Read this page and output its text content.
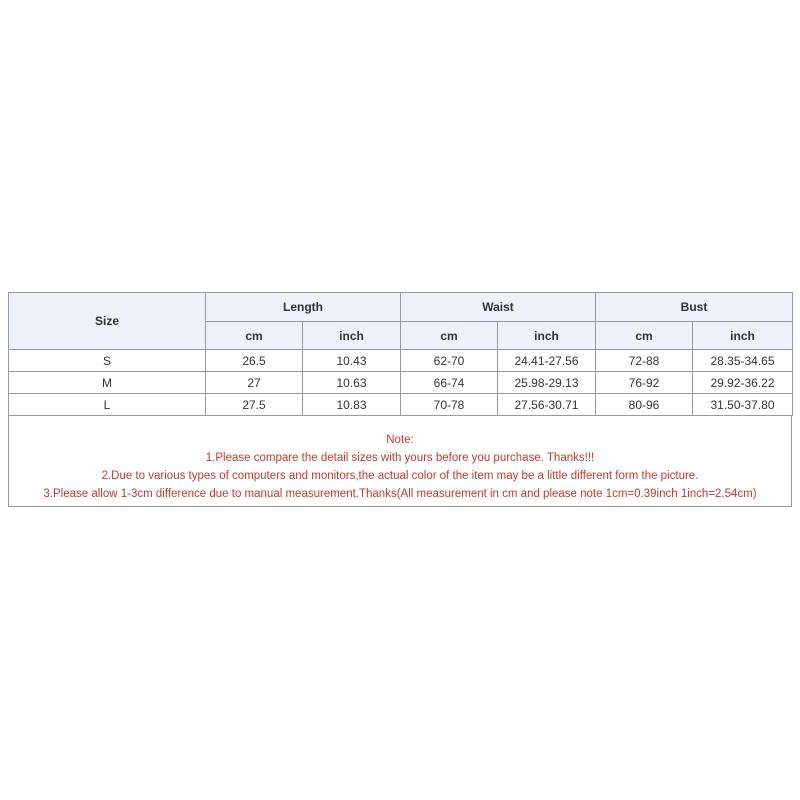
Size	Length		Waist		Bust	
	cm	inch	cm	inch	cm	inch
S	26.5	10.43	62-70	24.41-27.56	72-88	28.35-34.65
M	27	10.63	66-74	25.98-29.13	76-92	29.92-36.22
L	27.5	10.83	70-78	27.56-30.71	80-96	31.50-37.80
Note:
1.Please compare the detail sizes with yours before you purchase. Thanks!!!
2.Due to various types of computers and monitors,the actual color of the item may be a little different form the picture.
3.Please allow 1-3cm difference due to manual measurement.Thanks(All measurement in cm and please note 1cm=0.39inch 1inch=2.54cm)
